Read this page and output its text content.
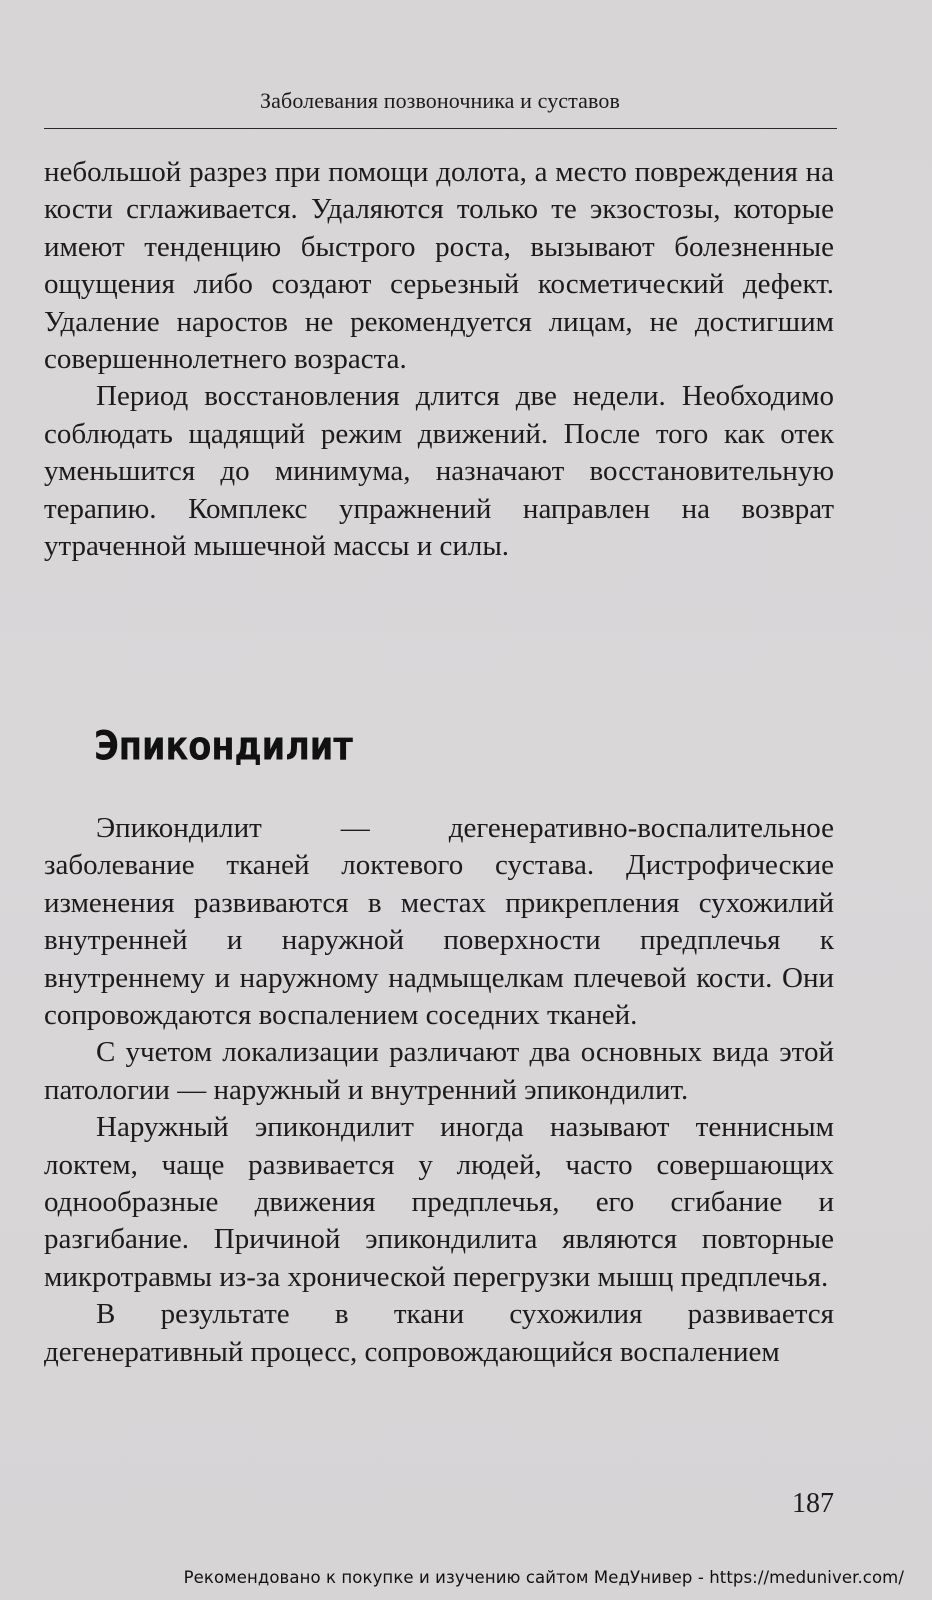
Заболевания позвоночника и суставов

небольшой разрез при помощи долота, а место повреждения на кости сглаживается. Удаляются только те экзостозы, которые имеют тенденцию быстрого роста, вызывают болезненные ощущения либо создают серьезный косметический дефект. Удаление наростов не рекомендуется лицам, не достигшим совершеннолетнего возраста.

Период восстановления длится две недели. Необходимо соблюдать щадящий режим движений. После того как отек уменьшится до минимума, назначают восстановительную терапию. Комплекс упражнений направлен на возврат утраченной мышечной массы и силы.

Эпикондилит

Эпикондилит — дегенеративно-воспалительное заболевание тканей локтевого сустава. Дистрофические изменения развиваются в местах прикрепления сухожилий внутренней и наружной поверхности предплечья к внутреннему и наружному надмыщелкам плечевой кости. Они сопровождаются воспалением соседних тканей.

С учетом локализации различают два основных вида этой патологии — наружный и внутренний эпикондилит.

Наружный эпикондилит иногда называют теннисным локтем, чаще развивается у людей, часто совершающих однообразные движения предплечья, его сгибание и разгибание. Причиной эпикондилита являются повторные микротравмы из-за хронической перегрузки мышц предплечья.

В результате в ткани сухожилия развивается дегенеративный процесс, сопровождающийся воспалением

187
Рекомендовано к покупке и изучению сайтом МедУнивер - https://meduniver.com/
